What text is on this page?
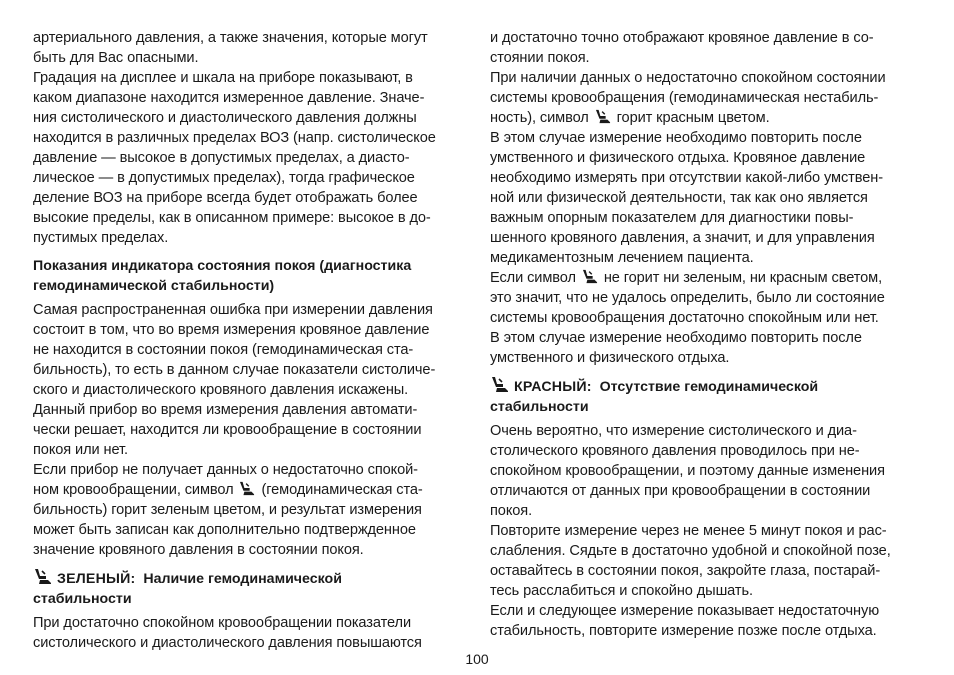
артериального давления, а также значения, которые могут
быть для Вас опасными.
Градация на дисплее и шкала на приборе показывают, в
каком диапазоне находится измеренное давление. Значе-
ния систолического и диастолического давления должны
находится в различных пределах ВОЗ (напр. систолическое
давление — высокое в допустимых пределах, а диасто-
лическое — в допустимых пределах), тогда графическое
деление ВОЗ на приборе всегда будет отображать более
высокие пределы, как в описанном примере: высокое в до-
пустимых пределах.
Показания индикатора состояния покоя (диагностика
гемодинамической стабильности)
Самая распространенная ошибка при измерении давления
состоит в том, что во время измерения кровяное давление
не находится в состоянии покоя (гемодинамическая ста-
бильность), то есть в данном случае показатели систоличе-
ского и диастолического кровяного давления искажены.
Данный прибор во время измерения давления автомати-
чески решает, находится ли кровообращение в состоянии
покоя или нет.
Если прибор не получает данных о недостаточно спокой-
ном кровообращении, символ (гемодинамическая ста-
бильность) горит зеленым цветом, и результат измерения
может быть записан как дополнительно подтвержденное
значение кровяного давления в состоянии покоя.
ЗЕЛЕНЫЙ: Наличие гемодинамической
стабильности
При достаточно спокойном кровообращении показатели
систолического и диастолического давления повышаются
и достаточно точно отображают кровяное давление в со-
стоянии покоя.
При наличии данных о недостаточно спокойном состоянии
системы кровообращения (гемодинамическая нестабиль-
ность), символ горит красным цветом.
В этом случае измерение необходимо повторить после
умственного и физического отдыха. Кровяное давление
необходимо измерять при отсутствии какой-либо умствен-
ной или физической деятельности, так как оно является
важным опорным показателем для диагностики повы-
шенного кровяного давления, а значит, и для управления
медикаментозным лечением пациента.
Если символ не горит ни зеленым, ни красным светом,
это значит, что не удалось определить, было ли состояние
системы кровообращения достаточно спокойным или нет.
В этом случае измерение необходимо повторить после
умственного и физического отдыха.
КРАСНЫЙ: Отсутствие гемодинамической
стабильности
Очень вероятно, что измерение систолического и диа-
столического кровяного давления проводилось при не-
спокойном кровообращении, и поэтому данные изменения
отличаются от данных при кровообращении в состоянии
покоя.
Повторите измерение через не менее 5 минут покоя и рас-
слабления. Сядьте в достаточно удобной и спокойной позе,
оставайтесь в состоянии покоя, закройте глаза, постарай-
тесь расслабиться и спокойно дышать.
Если и следующее измерение показывает недостаточную
стабильность, повторите измерение позже после отдыха.
100
